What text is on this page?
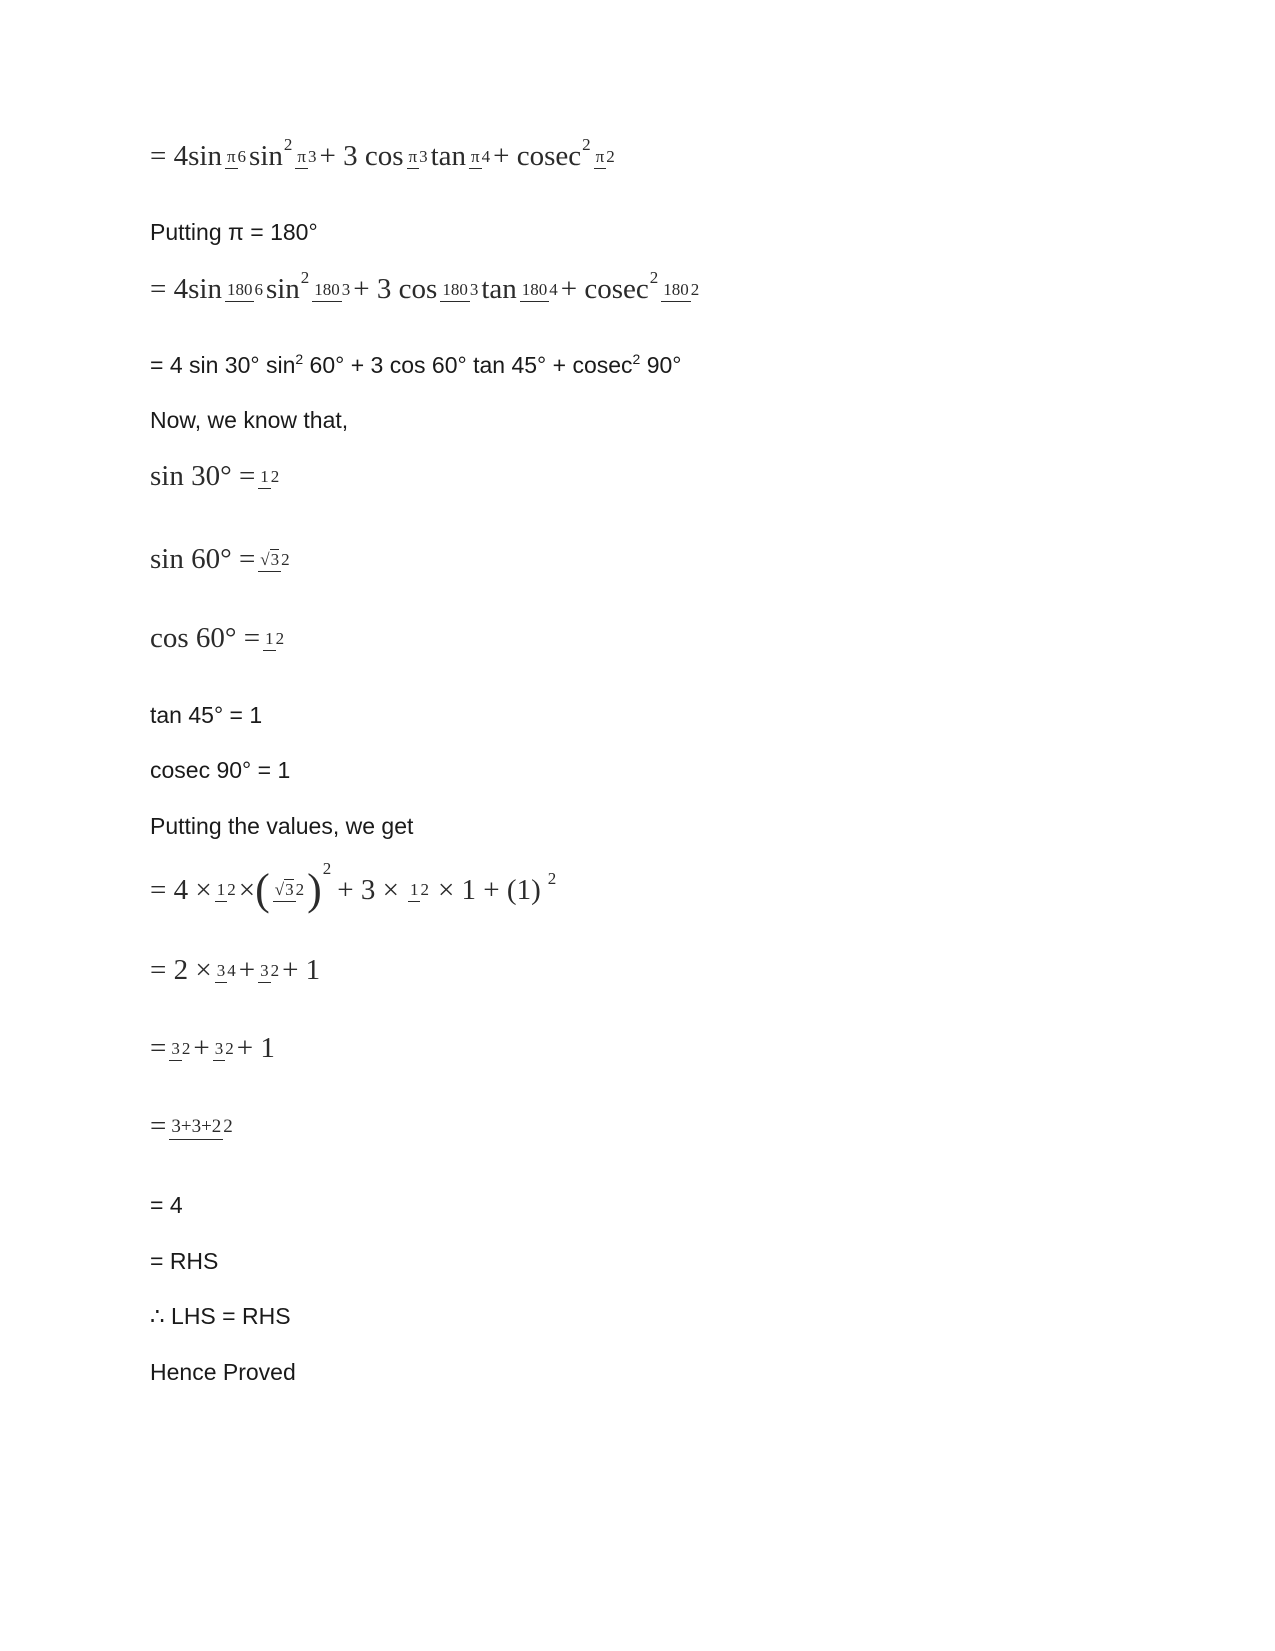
= 4sin π 6 sin 2
π 3 + 3 cos π 3 tan π 4 + cosec 2
π 2
Putting π = 180°
= 4sin 180 6 sin 2
180 3 + 3 cos 180 3 tan 180 4 + cosec 2
180 2
= 4 sin 30° $\sin^2 60^\circ + 3$ cos 60° tan 45° + cosec$^2$ 90°
Now, we know that,
sin 30° = 1 2
sin 60° = √3 2
cos 60° = 1 2
tan 45° = 1
cosec 90° = 1
Putting the values, we get
= 4 × 1 2 × ( √3 2 ) 2
+ 3 × 1 2 × 1 + (1) 2
= 2 × 3 4 + 3 2 + 1
= 3 2 + 3 2 + 1
= 3+3+2 2
= 4
= RHS
∴ LHS = RHS
Hence Proved
